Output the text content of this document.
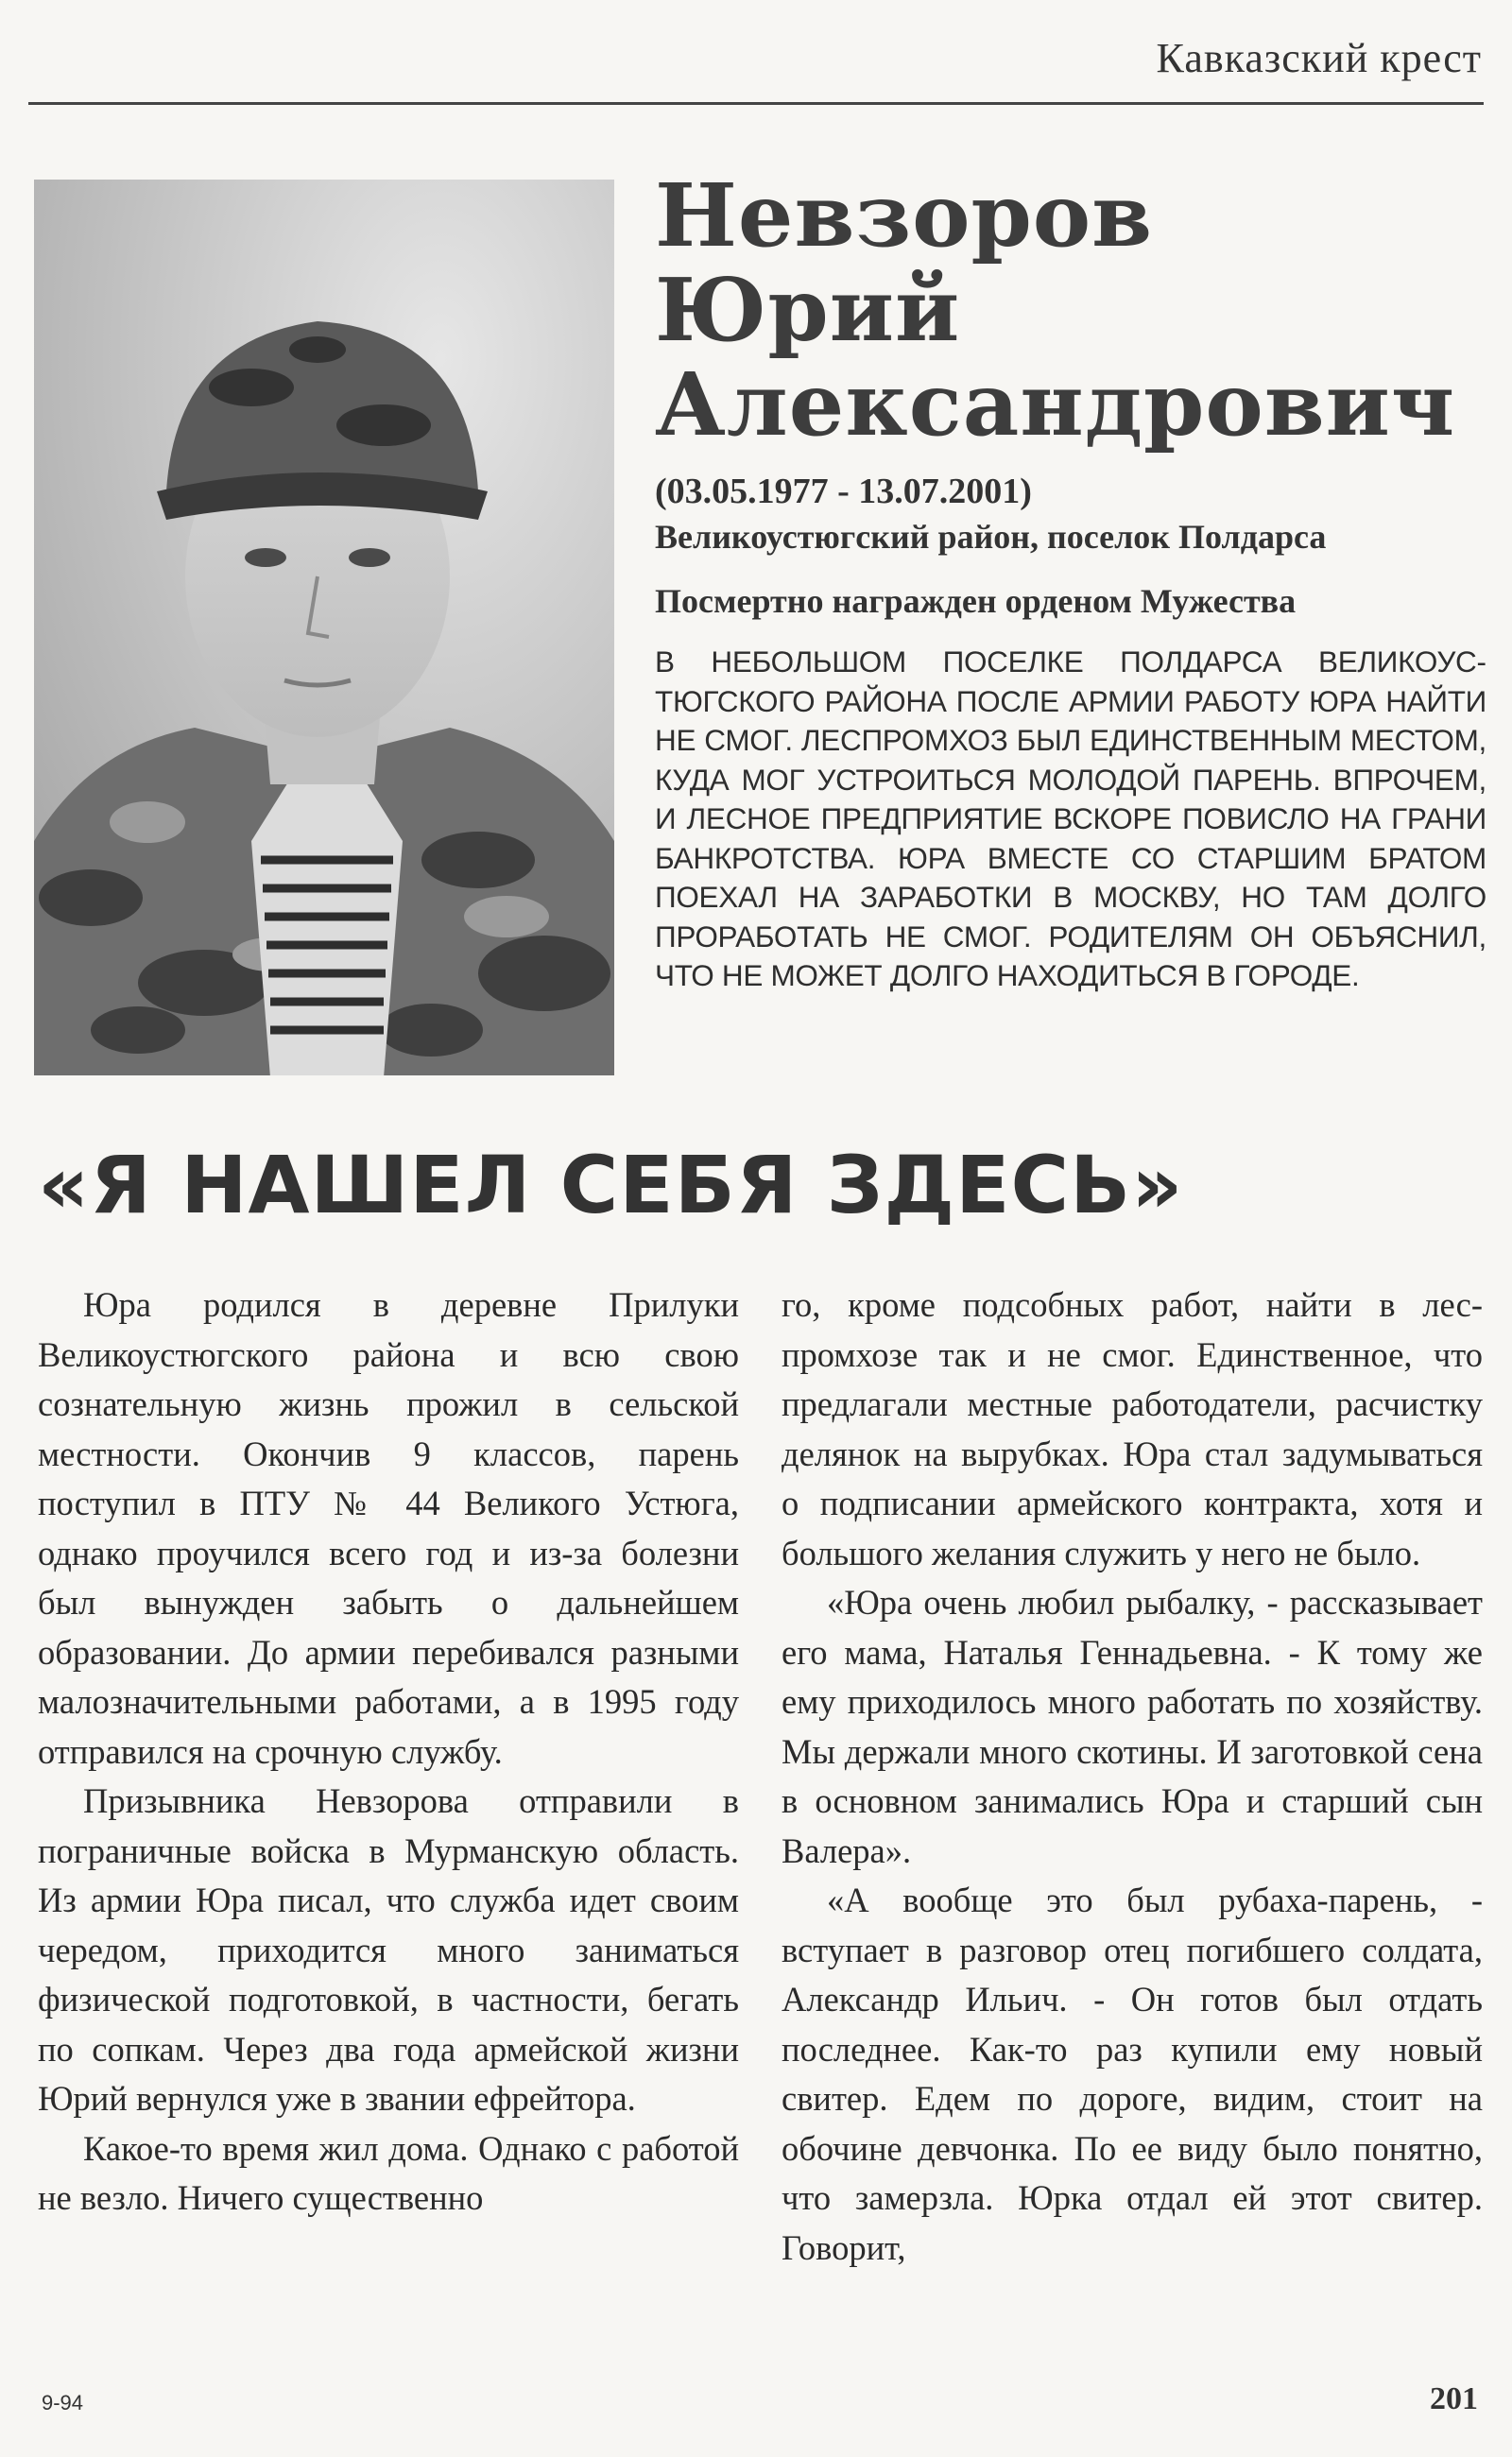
Кавказский крест
Невзоров
Юрий
Александрович
(03.05.1977 - 13.07.2001)
Великоустюгский район, поселок Полдарса
Посмертно награжден орденом Мужества
В НЕБОЛЬШОМ ПОСЕЛКЕ ПОЛДАРСА ВЕЛИКОУСТЮГСКОГО РАЙОНА ПОСЛЕ АРМИИ РАБОТУ ЮРА НАЙТИ НЕ СМОГ. ЛЕСПРОМХОЗ БЫЛ ЕДИНСТВЕННЫМ МЕСТОМ, КУДА МОГ УСТРОИТЬСЯ МОЛОДОЙ ПАРЕНЬ. ВПРОЧЕМ, И ЛЕСНОЕ ПРЕДПРИЯТИЕ ВСКОРЕ ПОВИСЛО НА ГРАНИ БАНКРОТСТВА. ЮРА ВМЕСТЕ СО СТАРШИМ БРАТОМ ПОЕХАЛ НА ЗАРАБОТКИ В МОСКВУ, НО ТАМ ДОЛГО ПРОРАБОТАТЬ НЕ СМОГ. РОДИТЕЛЯМ ОН ОБЪЯСНИЛ, ЧТО НЕ МОЖЕТ ДОЛГО НАХОДИТЬСЯ В ГОРОДЕ.
«Я НАШЕЛ СЕБЯ ЗДЕСЬ»

Юра родился в деревне Прилуки Великоустюгского района и всю свою сознательную жизнь прожил в сельской местности. Окончив 9 классов, парень поступил в ПТУ № 44 Великого Устюга, однако проучился всего год и из-за болезни был вынужден забыть о дальнейшем образовании. До армии перебивался разными малозначительными работами, а в 1995 году отправился на срочную службу.

Призывника Невзорова отправили в пограничные войска в Мурманскую область. Из армии Юра писал, что служба идет своим чередом, приходится много заниматься физической подготовкой, в частности, бегать по сопкам. Через два года армейской жизни Юрий вернулся уже в звании ефрейтора.

Какое-то время жил дома. Однако с работой не везло. Ничего существенно

го, кроме подсобных работ, найти в леспромхозе так и не смог. Единственное, что предлагали местные работодатели, расчистку делянок на вырубках. Юра стал задумываться о подписании армейского контракта, хотя и большого желания служить у него не было.

«Юра очень любил рыбалку, - рассказывает его мама, Наталья Геннадьевна. - К тому же ему приходилось много работать по хозяйству. Мы держали много скотины. И заготовкой сена в основном занимались Юра и старший сын Валера».

«А вообще это был рубаха-парень, - вступает в разговор отец погибшего солдата, Александр Ильич. - Он готов был отдать последнее. Как-то раз купили ему новый свитер. Едем по дороге, видим, стоит на обочине девчонка. По ее виду было понятно, что замерзла. Юрка отдал ей этот свитер. Говорит,

9-94	201
